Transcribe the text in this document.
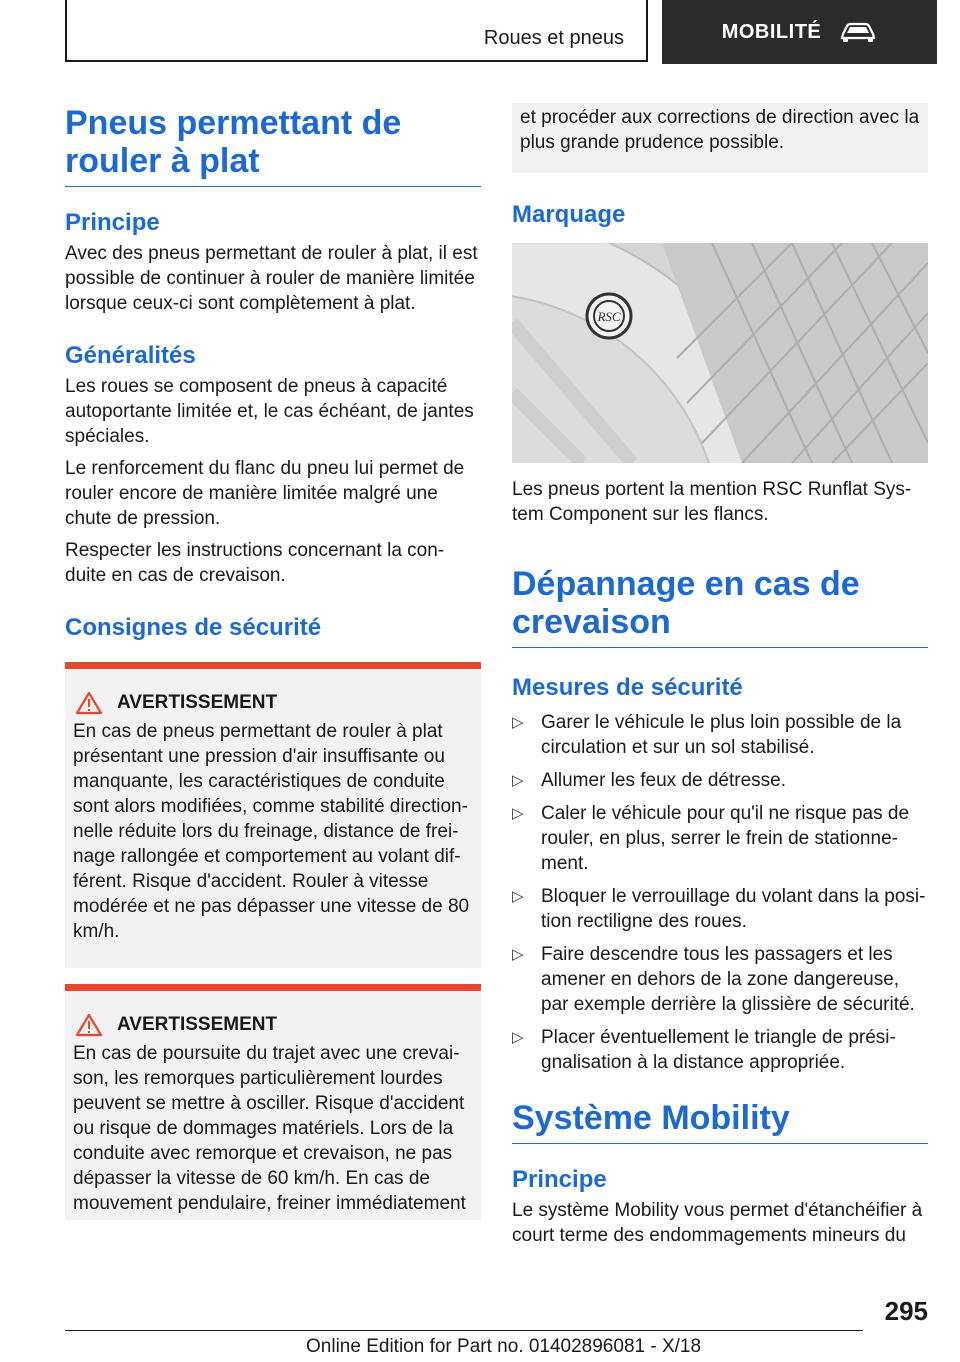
Roues et pneus	MOBILITÉ
Pneus permettant de rouler à plat
Principe

Avec des pneus permettant de rouler à plat, il est possible de continuer à rouler de manière limitée lorsque ceux-ci sont complètement à plat.

Généralités

Les roues se composent de pneus à capacité autoportante limitée et, le cas échéant, de jantes spéciales.

Le renforcement du flanc du pneu lui permet de rouler encore de manière limitée malgré une chute de pression.

Respecter les instructions concernant la con-duite en cas de crevaison.

Consignes de sécurité
AVERTISSEMENT
En cas de pneus permettant de rouler à plat présentant une pression d'air insuffisante ou manquante, les caractéristiques de conduite sont alors modifiées, comme stabilité direction-nelle réduite lors du freinage, distance de frei-nage rallongée et comportement au volant dif-férent. Risque d'accident. Rouler à vitesse modérée et ne pas dépasser une vitesse de 80 km/h.
AVERTISSEMENT
En cas de poursuite du trajet avec une crevai-son, les remorques particulièrement lourdes peuvent se mettre à osciller. Risque d'accident ou risque de dommages matériels. Lors de la conduite avec remorque et crevaison, ne pas dépasser la vitesse de 60 km/h. En cas de mouvement pendulaire, freiner immédiatement

et procéder aux corrections de direction avec la plus grande prudence possible.

Marquage
RSC

Les pneus portent la mention RSC Runflat Sys-tem Component sur les flancs.

Dépannage en cas de crevaison
Mesures de sécurité
▷ Garer le véhicule le plus loin possible de la circulation et sur un sol stabilisé.
▷ Allumer les feux de détresse.
▷ Caler le véhicule pour qu'il ne risque pas de rouler, en plus, serrer le frein de stationne-ment.
▷ Bloquer le verrouillage du volant dans la posi-tion rectiligne des roues.
▷ Faire descendre tous les passagers et les amener en dehors de la zone dangereuse, par exemple derrière la glissière de sécurité.
▷ Placer éventuellement le triangle de prési-gnalisation à la distance appropriée.
Système Mobility
Principe

Le système Mobility vous permet d'étanchéifier à court terme des endommagements mineurs du

295
Online Edition for Part no. 01402896081 - X/18
